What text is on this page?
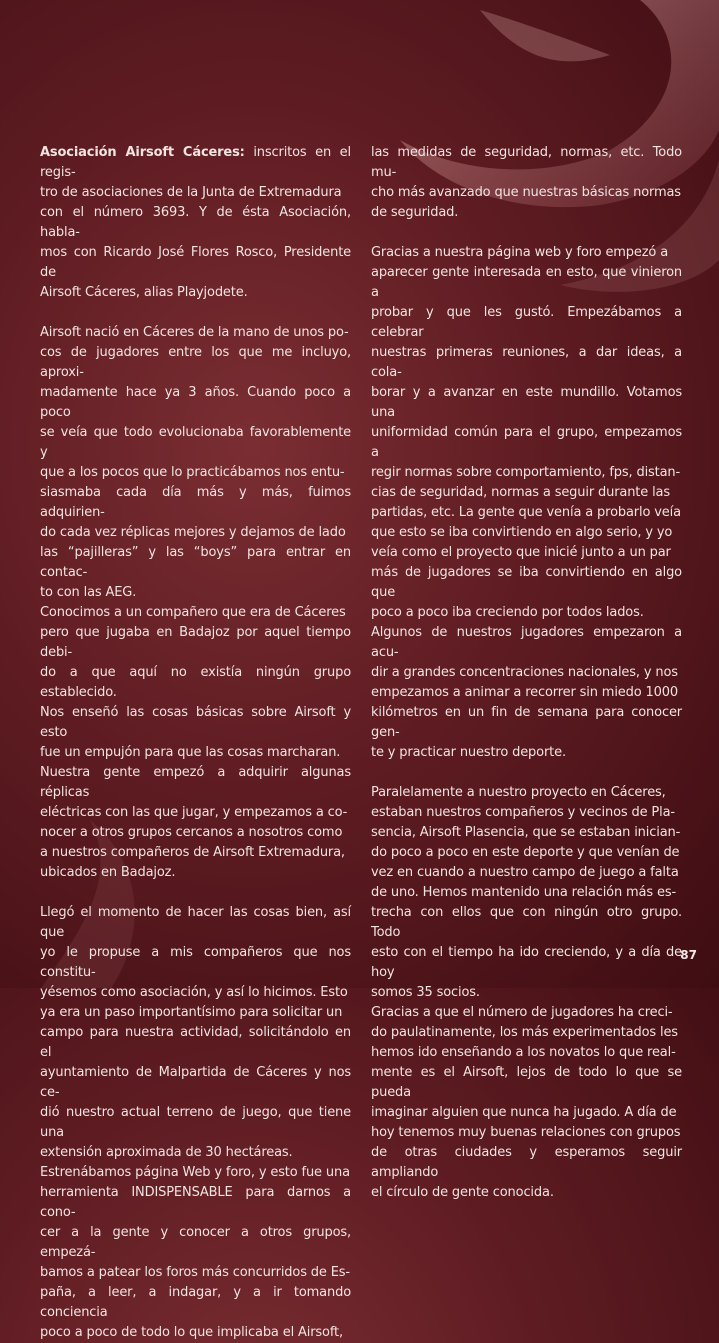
Asociación Airsoft Cáceres: inscritos en el regis-
tro de asociaciones de la Junta de Extremadura
con el número 3693. Y de ésta Asociación, habla-
mos con Ricardo José Flores Rosco, Presidente de
Airsoft Cáceres, alias Playjodete.

Airsoft nació en Cáceres de la mano de unos po-
cos de jugadores entre los que me incluyo, aproxi-
madamente hace ya 3 años. Cuando poco a poco
se veía que todo evolucionaba favorablemente y
que a los pocos que lo practicábamos nos entu-
siasmaba cada día más y más, fuimos adquirien-
do cada vez réplicas mejores y dejamos de lado
las “pajilleras” y las “boys” para entrar en contac-
to con las AEG.

Conocimos a un compañero que era de Cáceres
pero que jugaba en Badajoz por aquel tiempo debi-
do a que aquí no existía ningún grupo establecido.
Nos enseñó las cosas básicas sobre Airsoft y esto
fue un empujón para que las cosas marcharan.
Nuestra gente empezó a adquirir algunas réplicas
eléctricas con las que jugar, y empezamos a co-
nocer a otros grupos cercanos a nosotros como
a nuestros compañeros de Airsoft Extremadura,
ubicados en Badajoz.

Llegó el momento de hacer las cosas bien, así que
yo le propuse a mis compañeros que nos constitu-
yésemos como asociación, y así lo hicimos. Esto
ya era un paso importantísimo para solicitar un
campo para nuestra actividad, solicitándolo en el
ayuntamiento de Malpartida de Cáceres y nos ce-
dió nuestro actual terreno de juego, que tiene una
extensión aproximada de 30 hectáreas.

Estrenábamos página Web y foro, y esto fue una
herramienta INDISPENSABLE para darnos a cono-
cer a la gente y conocer a otros grupos, empezá-
bamos a patear los foros más concurridos de Es-
paña, a leer, a indagar, y a ir tomando conciencia
poco a poco de todo lo que implicaba el Airsoft,

las medidas de seguridad, normas, etc. Todo mu-
cho más avanzado que nuestras básicas normas
de seguridad.

Gracias a nuestra página web y foro empezó a
aparecer gente interesada en esto, que vinieron a
probar y que les gustó. Empezábamos a celebrar
nuestras primeras reuniones, a dar ideas, a cola-
borar y a avanzar en este mundillo. Votamos una
uniformidad común para el grupo, empezamos a
regir normas sobre comportamiento, fps, distan-
cias de seguridad, normas a seguir durante las
partidas, etc. La gente que venía a probarlo veía
que esto se iba convirtiendo en algo serio, y yo
veía como el proyecto que inicié junto a un par
más de jugadores se iba convirtiendo en algo que
poco a poco iba creciendo por todos lados.

Algunos de nuestros jugadores empezaron a acu-
dir a grandes concentraciones nacionales, y nos
empezamos a animar a recorrer sin miedo 1000
kilómetros en un fin de semana para conocer gen-
te y practicar nuestro deporte.

Paralelamente a nuestro proyecto en Cáceres,
estaban nuestros compañeros y vecinos de Pla-
sencia, Airsoft Plasencia, que se estaban inician-
do poco a poco en este deporte y que venían de
vez en cuando a nuestro campo de juego a falta
de uno. Hemos mantenido una relación más es-
trecha con ellos que con ningún otro grupo. Todo
esto con el tiempo ha ido creciendo, y a día de hoy
somos 35 socios.

Gracias a que el número de jugadores ha creci-
do paulatinamente, los más experimentados les
hemos ido enseñando a los novatos lo que real-
mente es el Airsoft, lejos de todo lo que se pueda
imaginar alguien que nunca ha jugado. A día de
hoy tenemos muy buenas relaciones con grupos
de otras ciudades y esperamos seguir ampliando
el círculo de gente conocida.

87
